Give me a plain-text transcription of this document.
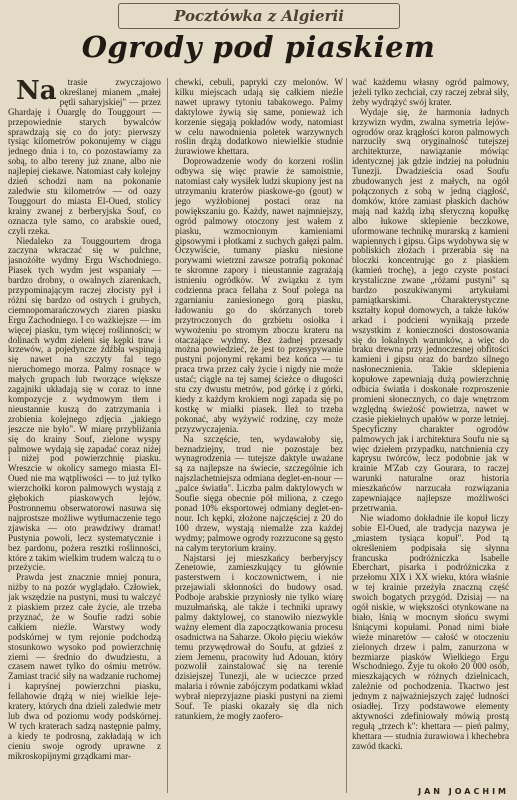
Pocztówka z Algierii
Ogrody pod piaskiem

Na trasie zwyczajowo określanej mianem „małej pętli saharyjskiej" — przez Ghardaję i Ouarglę do Touggourt — przepowiednie starych bywalców sprawdzają się co do joty: pierwszy tysiąc kilometrów pokonujemy w ciągu jednego dnia i to, co pozostawiamy za sobą, to albo tereny już znane, albo nie najlepiej ciekawe. Natomiast cały kolejny dzień schodzi nam na pokonanie zaledwie stu kilometrów — od oazy Touggourt do miasta El-Oued, stolicy krainy zwanej z berberyjska Souf, co oznacza tyle samo, co arabskie oued, czyli rzeka.

Niedaleko za Touggourtem droga zaczyna wkraczać się w pulchne, jasnożółte wydmy Ergu Wschodniego. Piasek tych wydm jest wspaniały — bardzo drobny, o owalnych ziarenkach, przypominającym raczej złocisty pył i różni się bardzo od ostrych i grubych, ciemnopomarańczowych ziaren piasku Ergu Zachodniego. I co ważkiejsze — im więcej piasku, tym więcej roślinności; w dolinach wydm zieleni się kępki traw i krzewów, a pojedyncze źdźbła wspinają się nawet na szczyty fal tego nieruchomego morza. Palmy rosnące w małych grupach lub tworzące większe zagajniki układają się w coraz to inne kompozycje z wydmowym tłem i nieustannie kuszą do zatrzymania i zrobienia kolejnego zdjęcia „jakiego jeszcze nie było". W miarę przybliżania się do krainy Souf, zielone wyspy palmowe wydają się zapadać coraz niżej i niżej pod powierzchnię piasku. Wreszcie w okolicy samego miasta El-Oued nie ma wątpliwości — to już tylko wierzchołki koron palmowych wystają z głębokich piaskowych lejów. Postronnemu obserwatorowi nasuwa się najprostsze możliwe wytłumaczenie tego zjawiska — oto prawdziwy dramat! Pustynia powoli, lecz systematycznie i bez pardonu, pożera resztki roślinności, które z takim wielkim trudem walczą tu o przeżycie.

Prawda jest znacznie mniej ponura, niżby to na pozór wyglądało. Człowiek, jak wszędzie na pustyni, musi tu walczyć z piaskiem przez całe życie, ale trzeba przyznać, że w Soufie radzi sobie całkiem nieźle. Warstwy wody podskórnej w tym rejonie podchodzą stosunkowo wysoko pod powierzchnię ziemi — średnio do dwudziestu, a czasem nawet tylko do ośmiu metrów. Zamiast tracić siły na wadzanie ruchomej i kapryśnej powierzchni piasku, fellahowie drążą w niej wielkie leje-kratery, których dna dzieli zaledwie metr lub dwa od poziomu wody podskórnej. W tych kraterach sadzą następnie palmy, a kiedy te podrosną, zakładają w ich cieniu swoje ogrody uprawne z mikroskopijnymi grządkami mar-

chewki, cebuli, papryki czy melonów. W kilku miejscach udają się całkiem nieźle nawet uprawy tytoniu tabakowego. Palmy daktylowe żywią się same, ponieważ ich korzenie sięgają pokładów wody, natomiast w celu nawodnienia poletek warzywnych roślin drążą dodatkowo niewielkie studnie żurawiowe khettara.

Doprowadzenie wody do korzeni roślin odbywa się więc prawie że samoistnie, natomiast cały wysiłek ludzi skupiony jest na utrzymaniu kraterów piaskowe-go (gout) w jego wyżłobionej postaci oraz na powiększaniu go. Każdy, nawet najmniejszy, ogród palmowy otoczony jest wałem z piasku, wzmocnionym kamieniami gipsowymi i płotkami z suchych gałęzi palm. Oczywiście, tumany piasku niesione porywami wietrzni zawsze potrafią pokonać te skromne zapory i nieustannie zagrażają istnieniu ogródków. W związku z tym codzienna praca fellaha z Souf polega na zgarnianiu zaniesionego gorą piasku, ładowaniu go do skórzanych toreb przytroczonych do grzbietu osiołka i wywożeniu po stromym zboczu krateru na otaczające wydmy. Bez żadnej przesady można powiedzieć, że jest to przesypywanie pustyni pojonymi rękami bez końca — tu praca trwa przez cały życie i nigdy nie może ustać; ciągle na tej samej ścieżce o długości stu czy dwustu metrów, pod górkę i z górki, kiedy z każdym krokiem nogi zapada się po kostkę w miałki piasek. Ileż to trzeba pokonać, aby wyżywić rodzinę, czy może przyzwyczajenia.

Na szczęście, ten, wydawałoby się, beznadziejny, trud nie pozostaje bez wynagrodzenia — tutejsze daktyle uważane są za najlepsze na świecie, szczególnie ich najszlachetniejsza odmiana deglet-en-nour — „palce światła". Liczba palm daktylowych w Soufie sięga obecnie pół miliona, z czego ponad 10% eksportowej odmiany deglet-en-nour. Ich kępki, złożone najczęściej z 20 do 100 drzew, wystają niemalże zza każdej wydmy; palmowe ogrody rozrzucone są gęsto na całym terytorium krainy.

Najstarsi jej mieszkańcy berberyjscy Zenetowie, zamieszkujący tu głównie pasterstwem i koczownictwem, i nie przejawiali skłonności do budowy osad. Podboje arabskie przyniosły nie tylko wiarę muzułmańską, ale także i techniki uprawy palmy daktylowej, co stanowiło niezwykle ważny element dla zapoczątkowania procesu osadnictwa na Saharze. Około pięciu wieków temu przywędrował do Soufu, at gdzieś z ziem Jemenu, pracowity lud Adouan, który pozwolił zainstalować się na terenie dzisiejszej Tunezji, ale w ucieczce przed malaria i równie zabójczym podatkami wkład wybrał nieprzyjazne piaski pustyni na ziemi Souf. Te piaski okazały się dla nich ratunkiem, że mogły zaofero-

wać każdemu własny ogród palmowy, jeżeli tylko zechciał, czy raczej zebrał siły, żeby wydrążyć swój krater.

Wydaje się, że harmonia ładnych krzywizn wydm, zwalna symetria lejów-ogrodów oraz krągłości koron palmowych narzuciły swą oryginalność tutejszej architekturze, nawiązanie mówiąc identycznej jak gdzie indziej na południu Tunezji. Dwadzieścia osad Soufu zbudowanych jest z małych, na ogół połączonych z sobą w jedną ciągłość, domków, które zamiast płaskich dachów mają nad każdą izbą sferyczną kopułkę albo łukowe sklepienie beczkowe, uformowane technikę murarską z kamieni wapiennych i gipsu. Gips wydobywa się w pobliskich złożach i przerabia się na bloczki koncentrując go z piaskiem (kamień trochę), a jego czyste postaci krystaliczne zwane „różami pustyni" są bardzo poszukiwanymi artykułami pamiątkarskimi. Charakterystyczne kształty kopuł domowych, a także łuków arkad i podcieni wynikają przede wszystkim z konieczności dostosowania się do lokalnych warunków, a więc do braku drewna przy jednoczesnej obfitości kamieni i gipsu oraz do bardzo silnego nasłonecznienia. Takie sklepienia kopułowe zapewniają dużą powierzchnię odbicia światła i doskonałe rozproszenie promieni słonecznych, co daje wnętrzom względną świeżość powietrza, nawet w czasie piekielnych upałów w porze letniej. Specyficzny charakter ogrodów palmowych jak i architektura Soufu nie są więc dziełem przypadku, natchnienia czy kaprysu twórców, lecz podobnie jak w krainie M'Zab czy Gourara, to raczej warunki naturalne oraz historia mieszkańców narzucała rozwiązania zapewniające najlepsze możliwości przetrwania.

Nie wiadomo dokładnie ile kopuł liczy sobie El-Oued, ale tradycja nazywa je „miastem tysiąca kopuł". Pod tą określeniem podpisała się słynna francuska podróżniczka Isabelle Eberchart, pisarka i podróżniczka z przełomu XIX i XX wieku, która właśnie w tej krainie przeżyła znaczną część swoich bogatych przygód. Dzisiaj — na ogół niskie, w większości otynkowane na biało, lśnią w mocnym słońcu swymi lśniącymi kopułami. Ponad nimi białe wieże minaretów — całość w otoczeniu zielonych drzew i palm, zanurzona w bezmiarze piasków Wielkiego Ergu Wschodniego. Żyje tu około 20 000 osób, mieszkających w różnych dzielnicach, zależnie od pochodzenia. Tkactwo jest jednym z najważniejszych zajęć ludności osiadłej. Trzy podstawowe elementy aktywności zdefiniowały mówią prostą regułą „trzech k": khettara — pień palmy, khettara — studnia żurawiowa i khechebra zawód tkacki.

JAN JOACHIM
